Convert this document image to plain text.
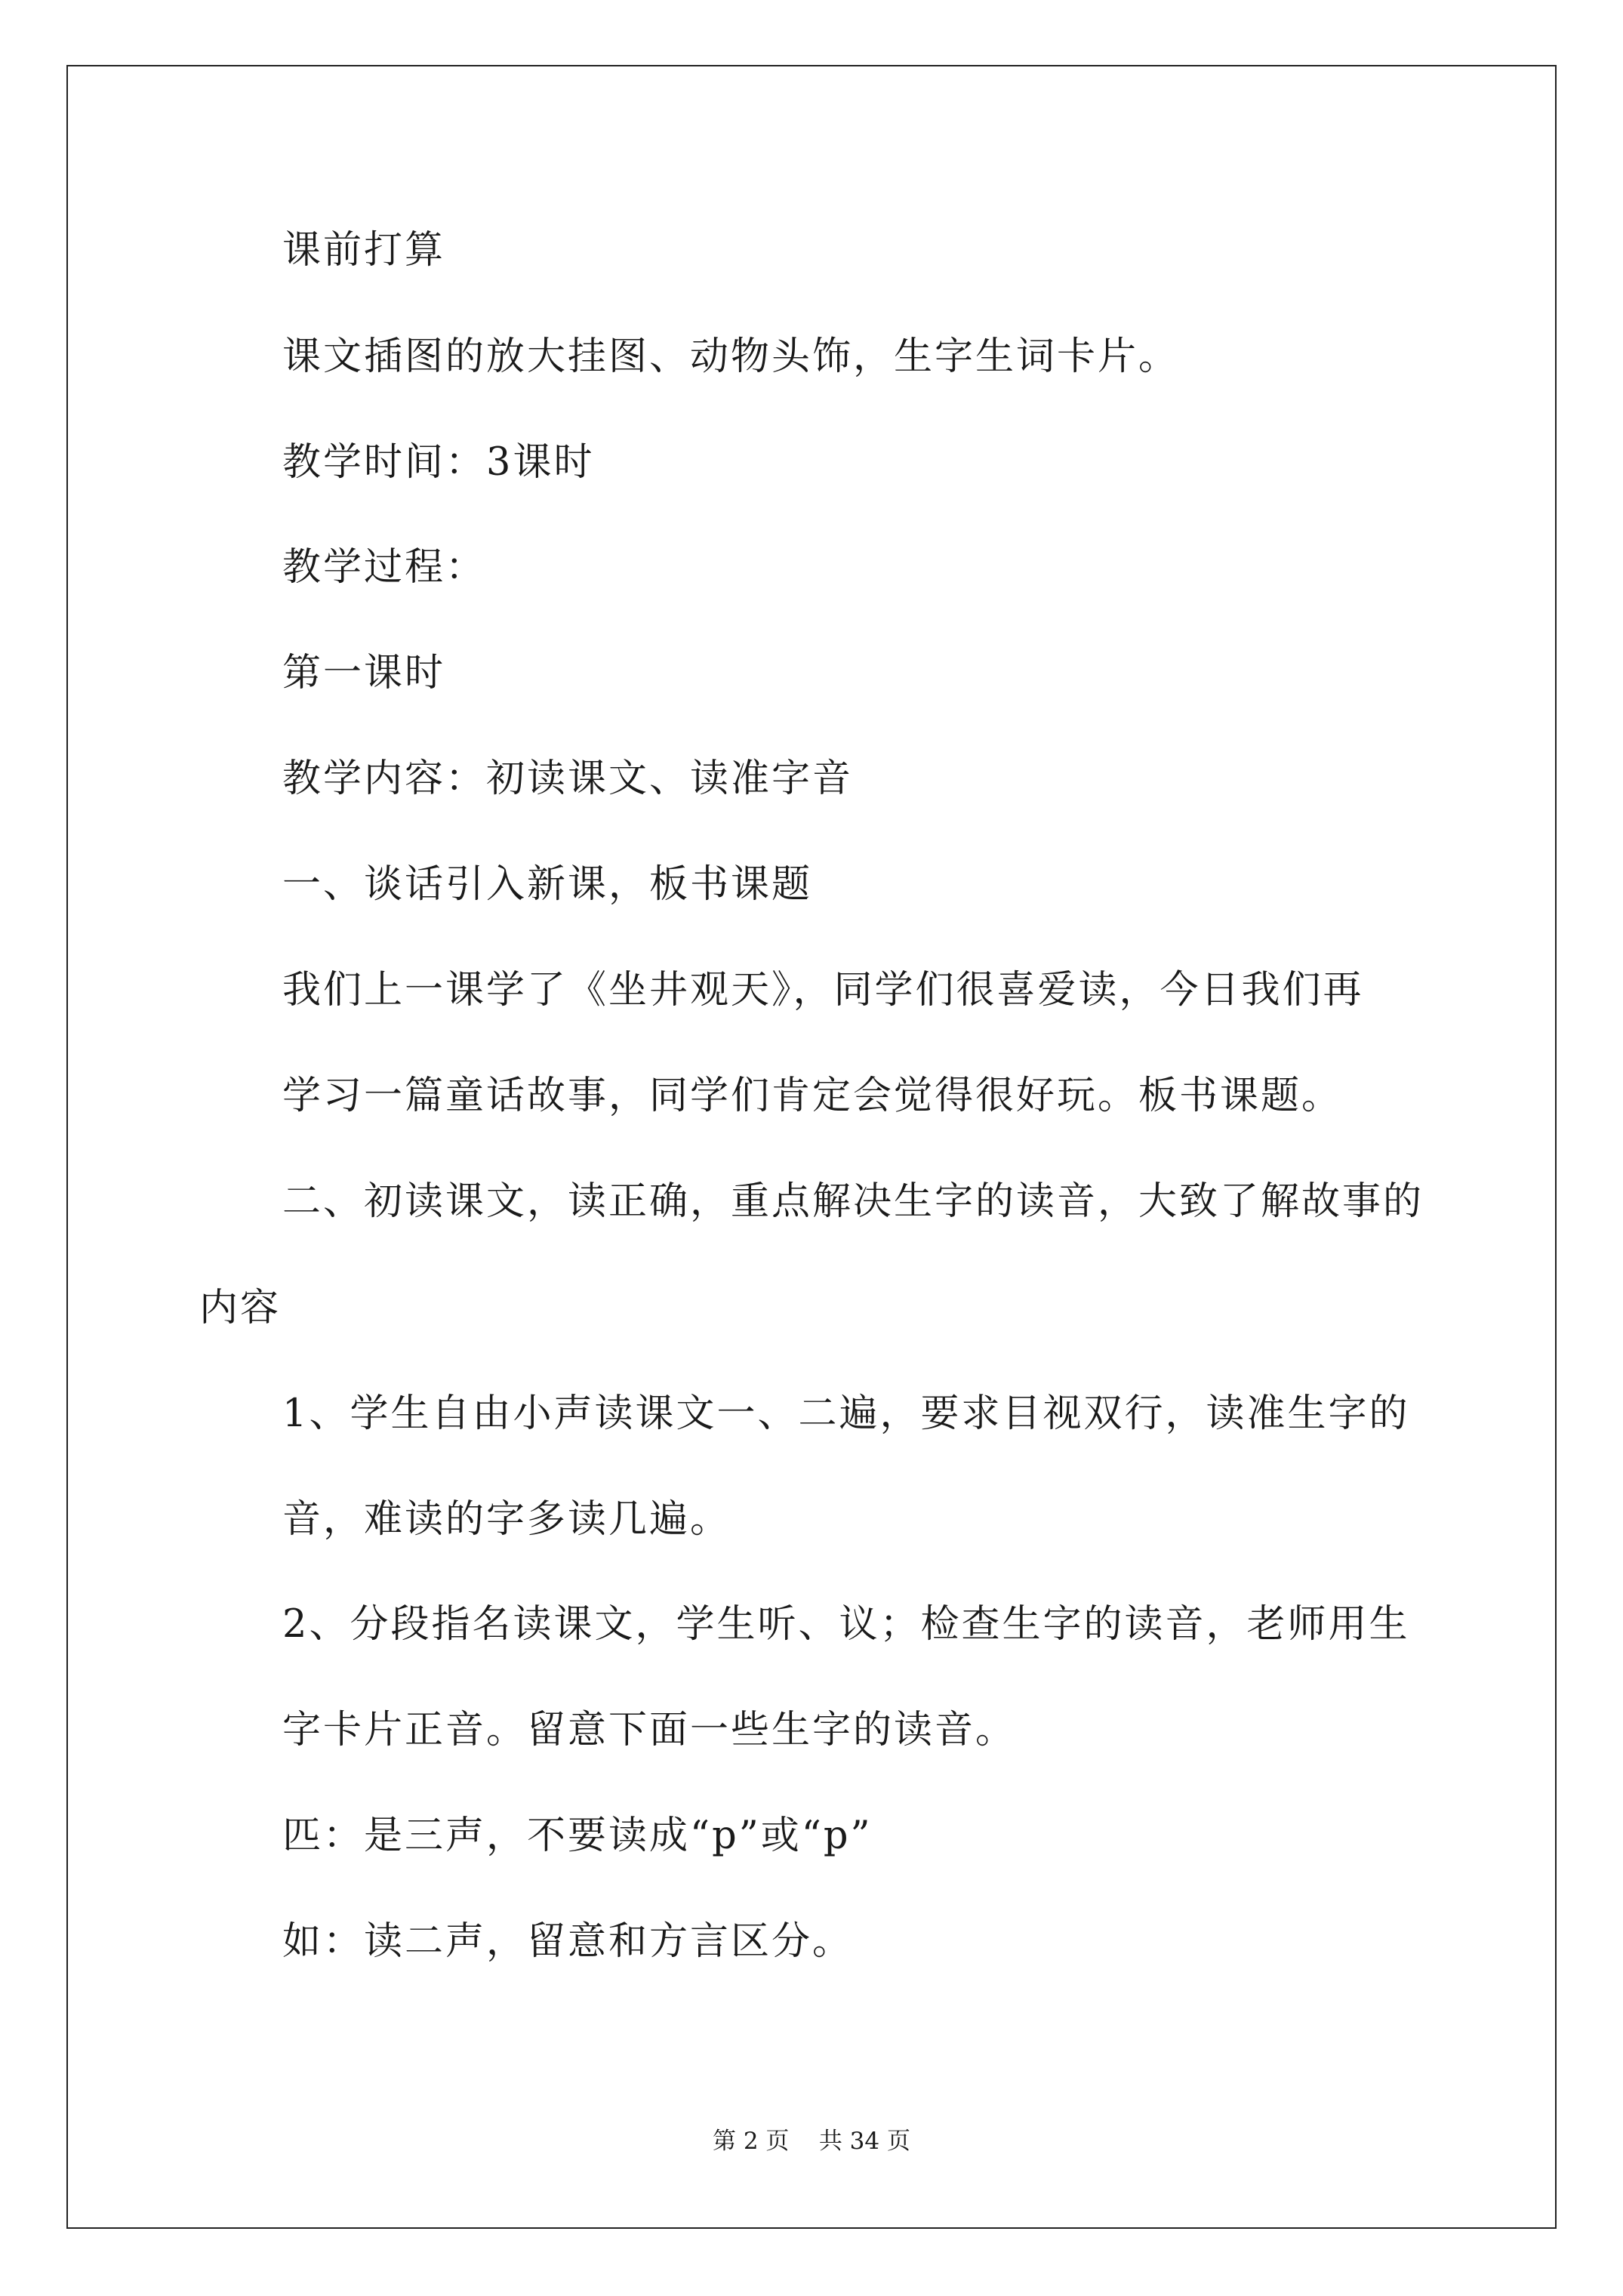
课前打算
课文插图的放大挂图、动物头饰，生字生词卡片。
教学时间：3课时
教学过程：
第一课时
教学内容：初读课文、读准字音
一、谈话引入新课，板书课题
我们上一课学了《坐井观天》，同学们很喜爱读，今日我们再
学习一篇童话故事，同学们肯定会觉得很好玩。板书课题。
二、初读课文，读正确，重点解决生字的读音，大致了解故事的
内容
1、学生自由小声读课文一、二遍，要求目视双行，读准生字的
音，难读的字多读几遍。
2、分段指名读课文，学生听、议；检查生字的读音，老师用生
字卡片正音。留意下面一些生字的读音。
匹：是三声，不要读成“p”或“p”
如：读二声，留意和方言区分。
第 2 页    共 34 页
